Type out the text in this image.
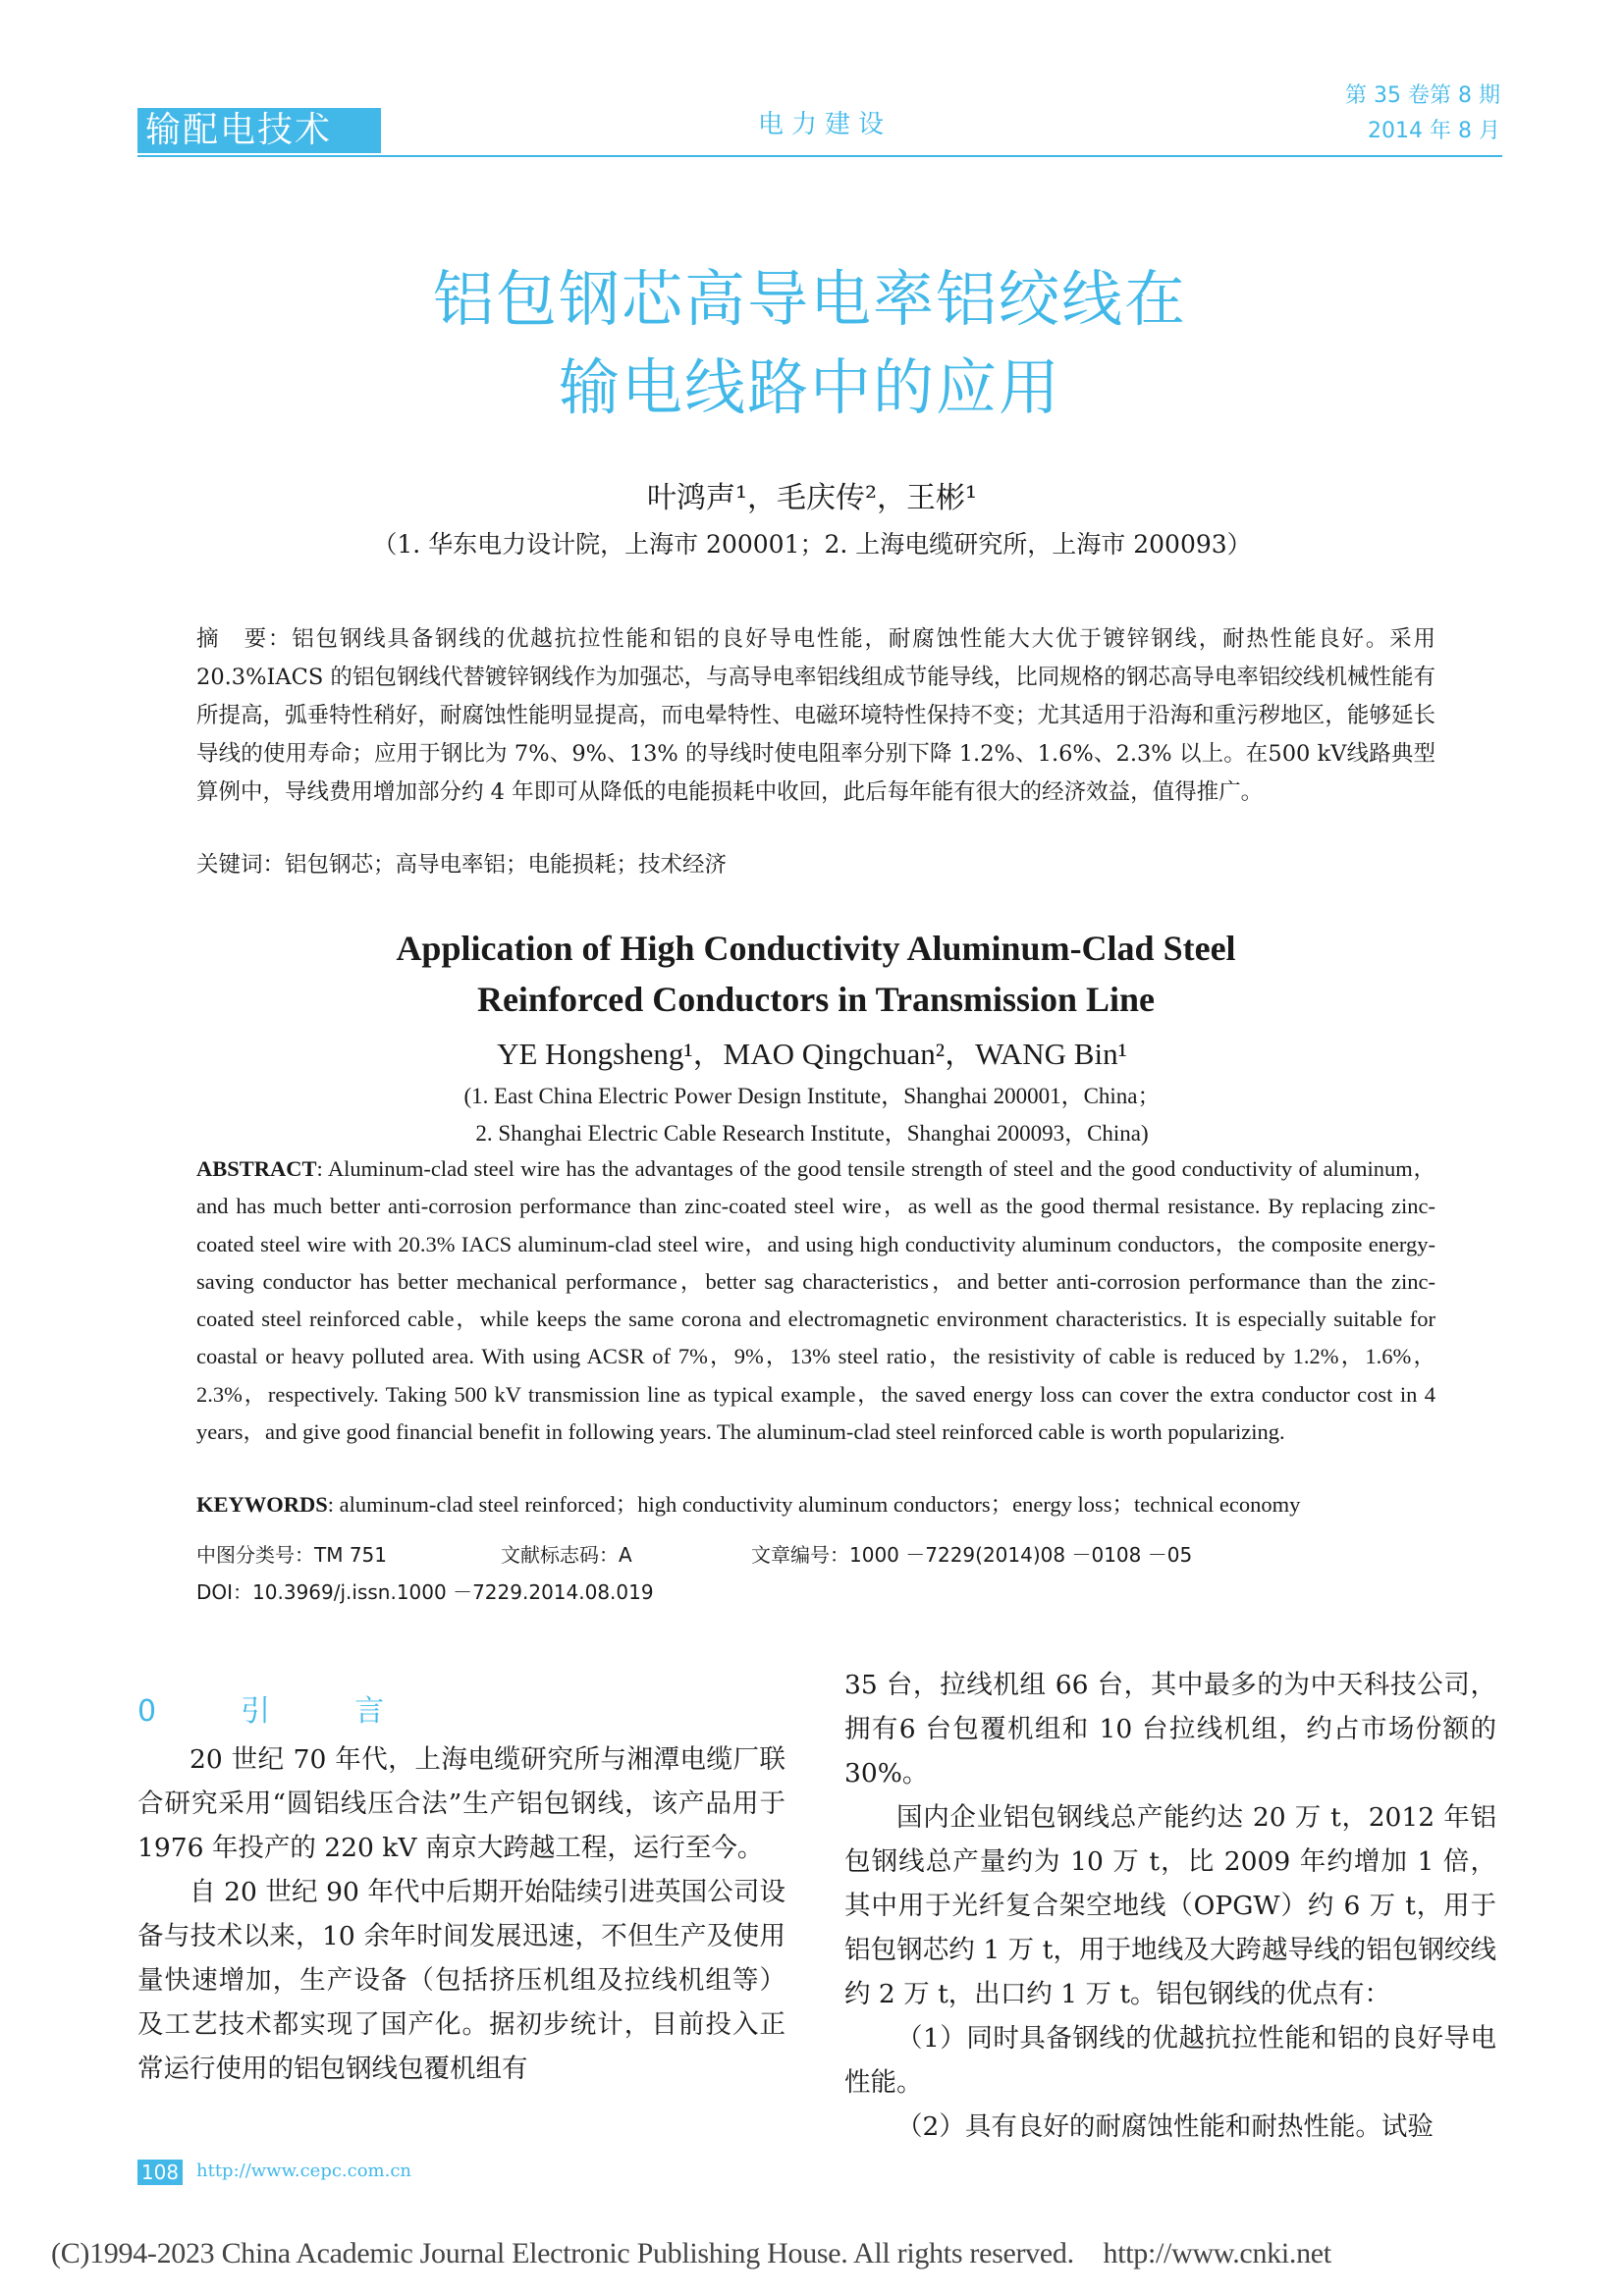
输配电技术	电力建设
第 35 卷第 8 期
2014 年 8 月
铝包钢芯高导电率铝绞线在
输电线路中的应用
叶鸿声¹，毛庆传²，王彬¹
（1. 华东电力设计院，上海市 200001；2. 上海电缆研究所，上海市 200093）
摘　要：铝包钢线具备钢线的优越抗拉性能和铝的良好导电性能，耐腐蚀性能大大优于镀锌钢线，耐热性能良好。采用 20.3%IACS 的铝包钢线代替镀锌钢线作为加强芯，与高导电率铝线组成节能导线，比同规格的钢芯高导电率铝绞线机械性能有所提高，弧垂特性稍好，耐腐蚀性能明显提高，而电晕特性、电磁环境特性保持不变；尤其适用于沿海和重污秽地区，能够延长导线的使用寿命；应用于钢比为 7%、9%、13% 的导线时使电阻率分别下降 1.2%、1.6%、2.3% 以上。在500 kV线路典型算例中，导线费用增加部分约 4 年即可从降低的电能损耗中收回，此后每年能有很大的经济效益，值得推广。
关键词：铝包钢芯；高导电率铝；电能损耗；技术经济
Application of High Conductivity Aluminum-Clad Steel
Reinforced Conductors in Transmission Line
YE Hongsheng¹，MAO Qingchuan²，WANG Bin¹
(1. East China Electric Power Design Institute，Shanghai 200001，China；
2. Shanghai Electric Cable Research Institute，Shanghai 200093，China)
ABSTRACT: Aluminum-clad steel wire has the advantages of the good tensile strength of steel and the good conductivity of aluminum，and has much better anti-corrosion performance than zinc-coated steel wire，as well as the good thermal resistance. By replacing zinc-coated steel wire with 20.3% IACS aluminum-clad steel wire，and using high conductivity aluminum conductors，the composite energy-saving conductor has better mechanical performance，better sag characteristics，and better anti-corrosion performance than the zinc-coated steel reinforced cable，while keeps the same corona and electromagnetic environment characteristics. It is especially suitable for coastal or heavy polluted area. With using ACSR of 7%，9%，13% steel ratio，the resistivity of cable is reduced by 1.2%，1.6%，2.3%，respectively. Taking 500 kV transmission line as typical example，the saved energy loss can cover the extra conductor cost in 4 years，and give good financial benefit in following years. The aluminum-clad steel reinforced cable is worth popularizing.
KEYWORDS: aluminum-clad steel reinforced；high conductivity aluminum conductors；energy loss；technical economy
中图分类号：TM 751	文献标志码：A	文章编号：1000 －7229(2014)08 －0108 －05
DOI：10.3969/j.issn.1000 －7229.2014.08.019
0　引　言

20 世纪 70 年代，上海电缆研究所与湘潭电缆厂联合研究采用“圆铝线压合法”生产铝包钢线，该产品用于 1976 年投产的 220 kV 南京大跨越工程，运行至今。

自 20 世纪 90 年代中后期开始陆续引进英国公司设备与技术以来，10 余年时间发展迅速，不但生产及使用量快速增加，生产设备（包括挤压机组及拉线机组等）及工艺技术都实现了国产化。据初步统计，目前投入正常运行使用的铝包钢线包覆机组有

35 台，拉线机组 66 台，其中最多的为中天科技公司，拥有6 台包覆机组和 10 台拉线机组，约占市场份额的 30%。

国内企业铝包钢线总产能约达 20 万 t，2012 年铝包钢线总产量约为 10 万 t，比 2009 年约增加 1 倍，其中用于光纤复合架空地线（OPGW）约 6 万 t，用于铝包钢芯约 1 万 t，用于地线及大跨越导线的铝包钢绞线约 2 万 t，出口约 1 万 t。铝包钢线的优点有：

（1）同时具备钢线的优越抗拉性能和铝的良好导电性能。

（2）具有良好的耐腐蚀性能和耐热性能。试验

108 http://www.cepc.com.cn
(C)1994-2023 China Academic Journal Electronic Publishing House. All rights reserved.　http://www.cnki.net
